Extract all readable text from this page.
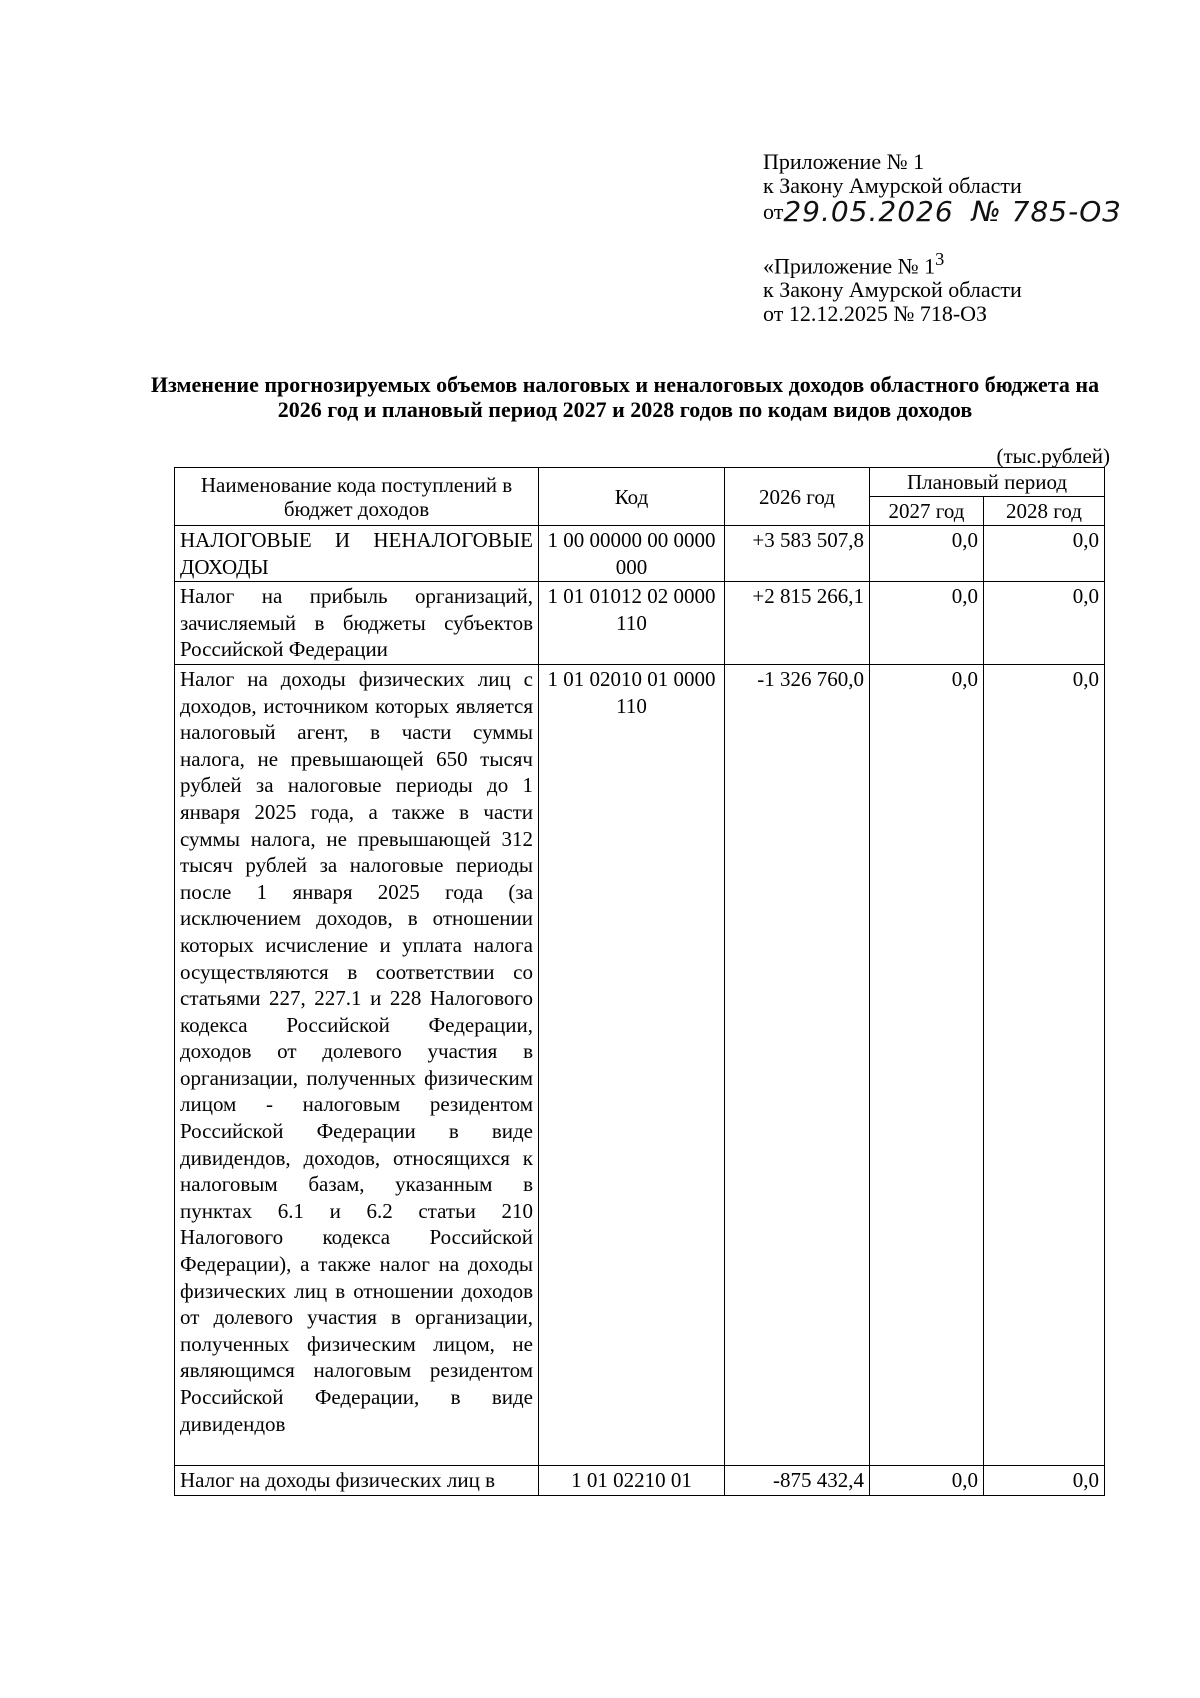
Приложение № 1
к Закону Амурской области
от29.05.2026 № 785-ОЗ
«Приложение № $1^3$
к Закону Амурской области
от 12.12.2025 № 718-ОЗ
Изменение прогнозируемых объемов налоговых и неналоговых доходов областного бюджета на 2026 год и плановый период 2027 и 2028 годов по кодам видов доходов
(тыс.рублей)
Наименование кода поступлений в бюджет доходов	Код	2026 год	Плановый период	
			2027 год	2028 год
НАЛОГОВЫЕ И НЕНАЛОГОВЫЕ ДОХОДЫ	1 00 00000 00 0000 000	+3 583 507,8	0,0	0,0
Налог на прибыль организаций, зачисляемый в бюджеты субъектов Российской Федерации	1 01 01012 02 0000 110	+2 815 266,1	0,0	0,0
Налог на доходы физических лиц с доходов, источником которых является налоговый агент, в части суммы налога, не превышающей 650 тысяч рублей за налоговые периоды до 1 января 2025 года, а также в части суммы налога, не превышающей 312 тысяч рублей за налоговые периоды после 1 января 2025 года (за исключением доходов, в отношении которых исчисление и уплата налога осуществляются в соответствии со статьями 227, 227.1 и 228 Налогового кодекса Российской Федерации, доходов от долевого участия в организации, полученных физическим лицом - налоговым резидентом Российской Федерации в виде дивидендов, доходов, относящихся к налоговым базам, указанным в пунктах 6.1 и 6.2 статьи 210 Налогового кодекса Российской Федерации), а также налог на доходы физических лиц в отношении доходов от долевого участия в организации, полученных физическим лицом, не являющимся налоговым резидентом Российской Федерации, в виде дивидендов	1 01 02010 01 0000 110	-1 326 760,0	0,0	0,0
Налог на доходы физических лиц в	1 01 02210 01	-875 432,4	0,0	0,0
